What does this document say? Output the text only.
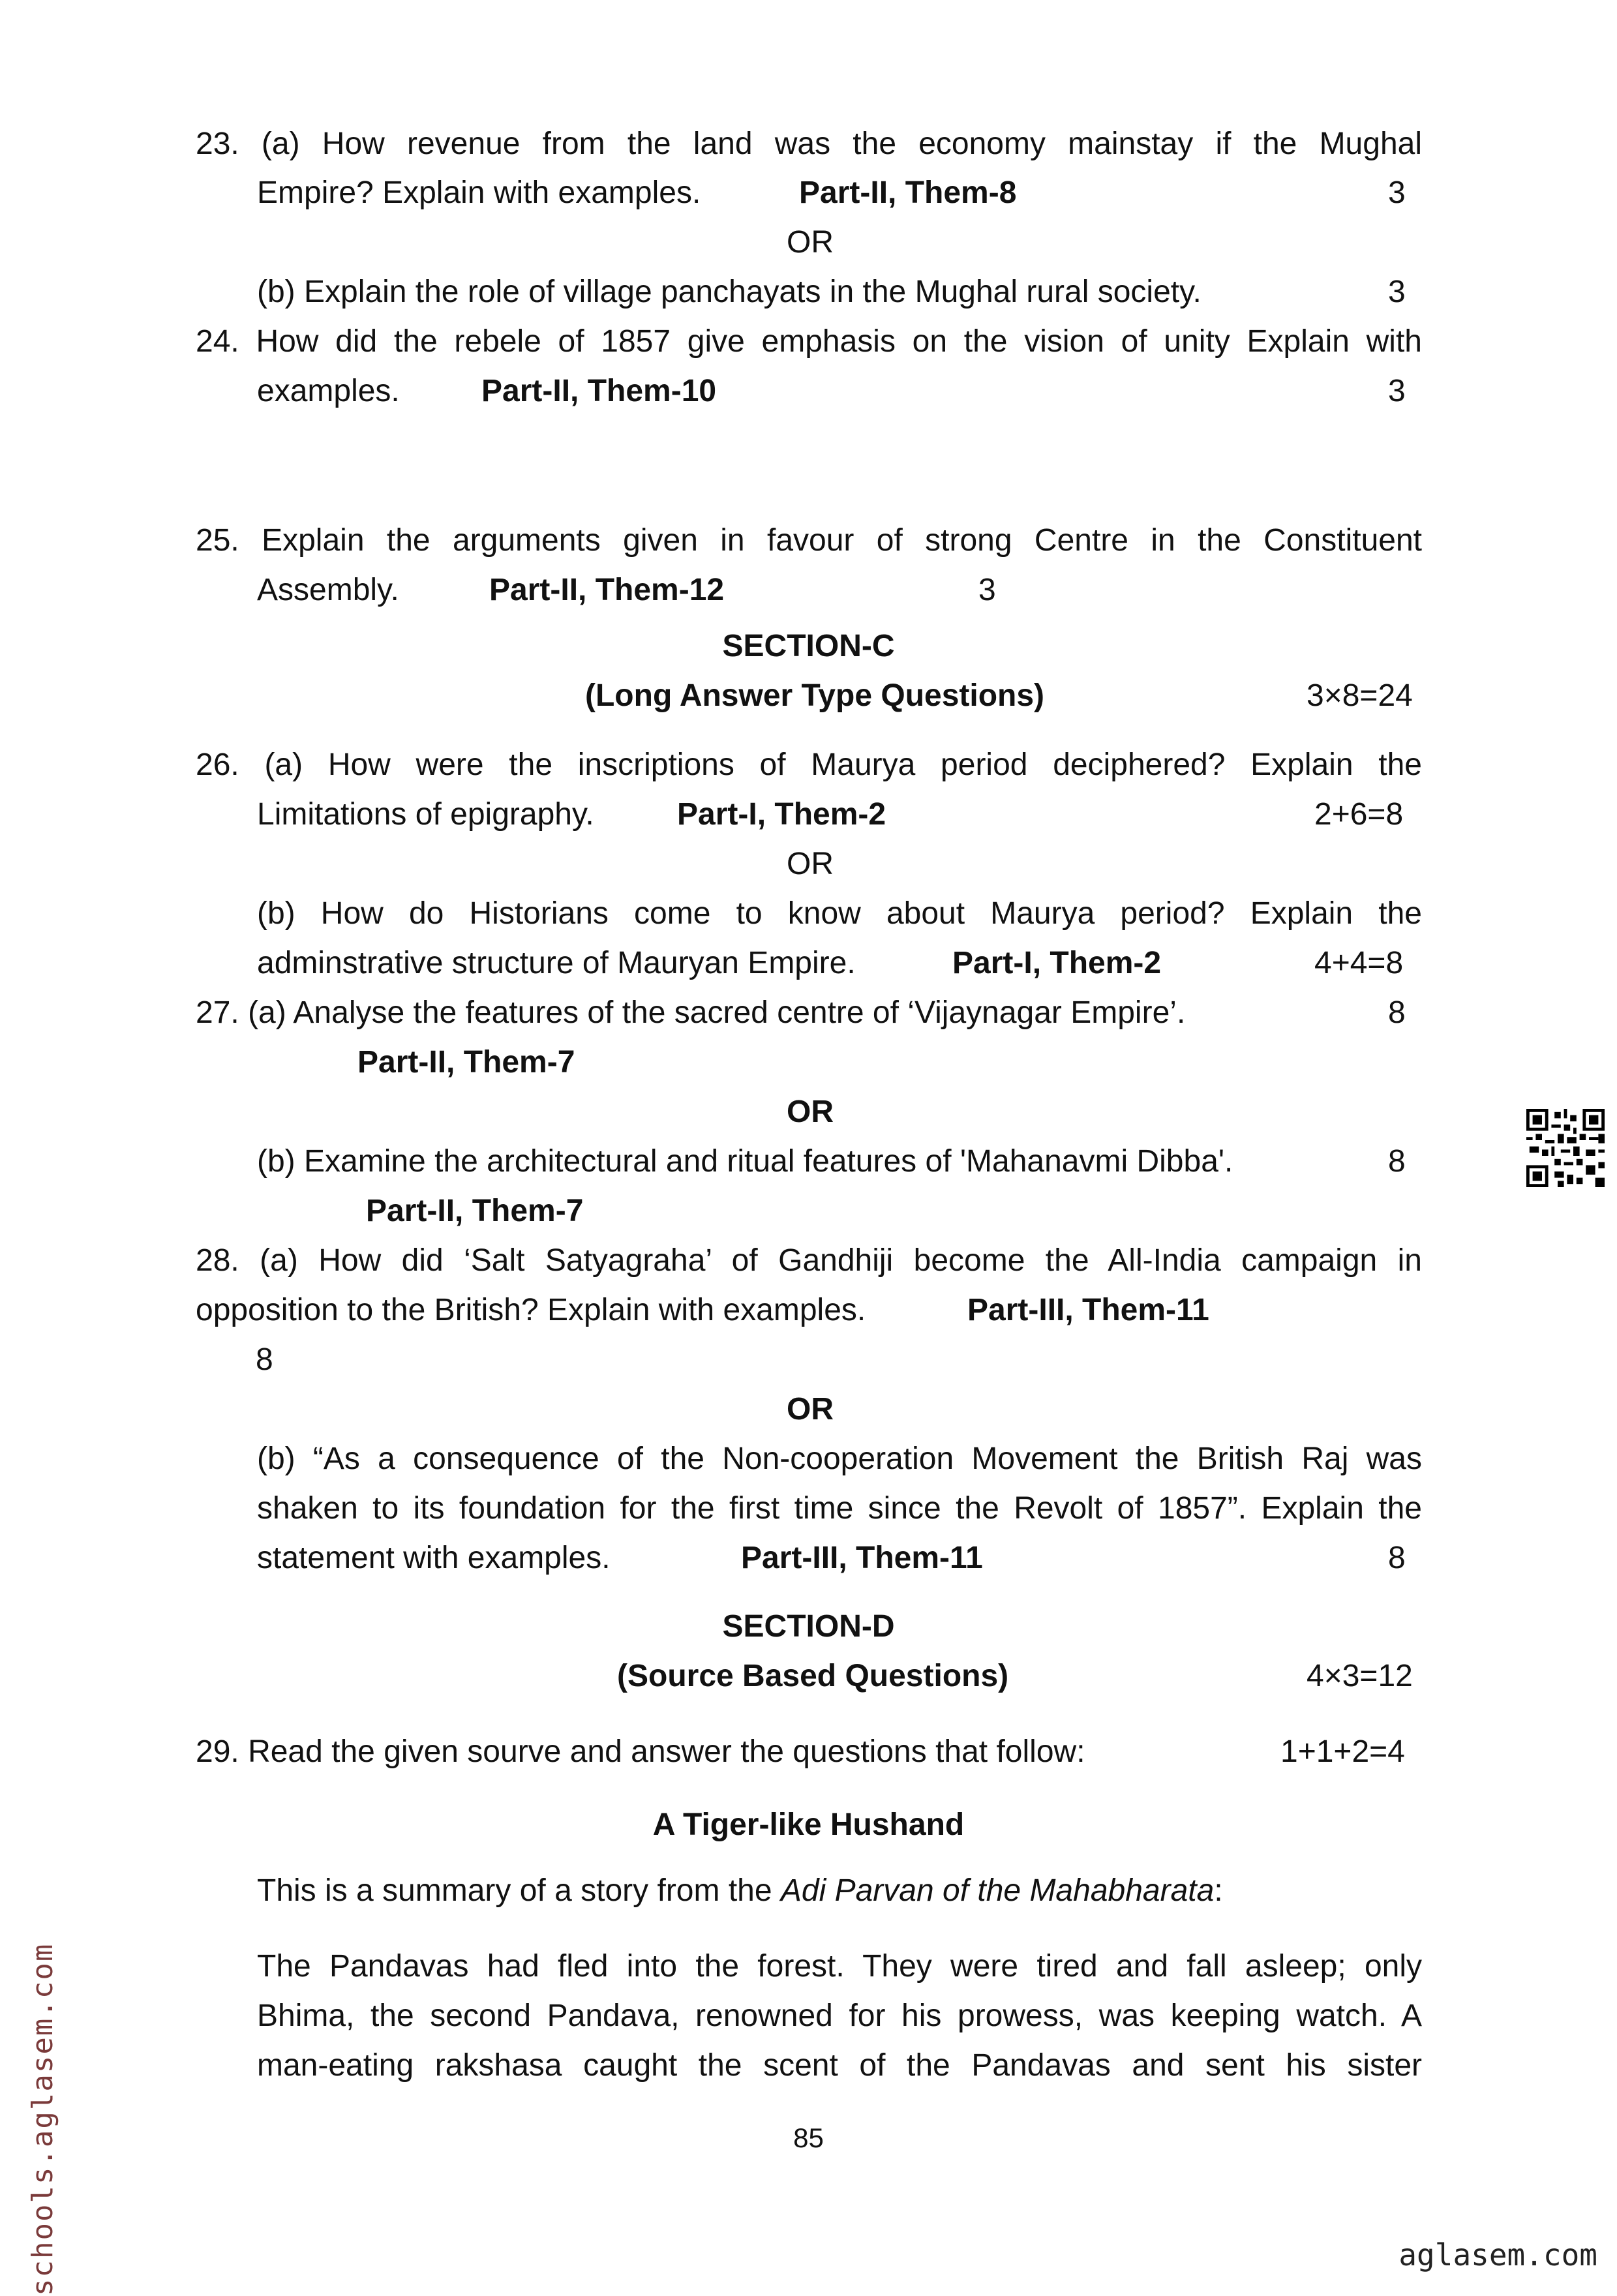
23. (a) How revenue from the land was the economy mainstay if the Mughal
Empire? Explain with examples.	Part-II, Them-8	3
OR
(b) Explain the role of village panchayats in the Mughal rural society.	3
24. How did the rebele of 1857 give emphasis on the vision of unity Explain with
examples.	Part-II, Them-10	3
25. Explain the arguments given in favour of strong Centre in the Constituent
Assembly.	Part-II, Them-12	3
SECTION-C
(Long Answer Type Questions)	3×8=24
26. (a) How were the inscriptions of Maurya period deciphered? Explain the
Limitations of epigraphy.	Part-I, Them-2	2+6=8
OR
(b) How do Historians come to know about Maurya period? Explain the
adminstrative structure of Mauryan Empire.	Part-I, Them-2	4+4=8
27. (a) Analyse the features of the sacred centre of ‘Vijaynagar Empire’.	8
Part-II, Them-7
OR
(b) Examine the architectural and ritual features of 'Mahanavmi Dibba'.	8
Part-II, Them-7
28. (a) How did ‘Salt Satyagraha’ of Gandhiji become the All-India campaign in
opposition to the British? Explain with examples.	Part-III, Them-11
8
OR
(b) “As a consequence of the Non-cooperation Movement the British Raj was
shaken to its foundation for the first time since the Revolt of 1857”. Explain the
statement with examples.	Part-III, Them-11	8
SECTION-D
(Source Based Questions)	4×3=12
29. Read the given sourve and answer the questions that follow:	1+1+2=4
A Tiger-like Hushand
This is a summary of a story from the Adi Parvan of the Mahabharata:
The Pandavas had fled into the forest. They were tired and fall asleep; only
Bhima, the second Pandava, renowned for his prowess, was keeping watch. A
man-eating rakshasa caught the scent of the Pandavas and sent his sister
85
schools.aglasem.com	aglasem.com
